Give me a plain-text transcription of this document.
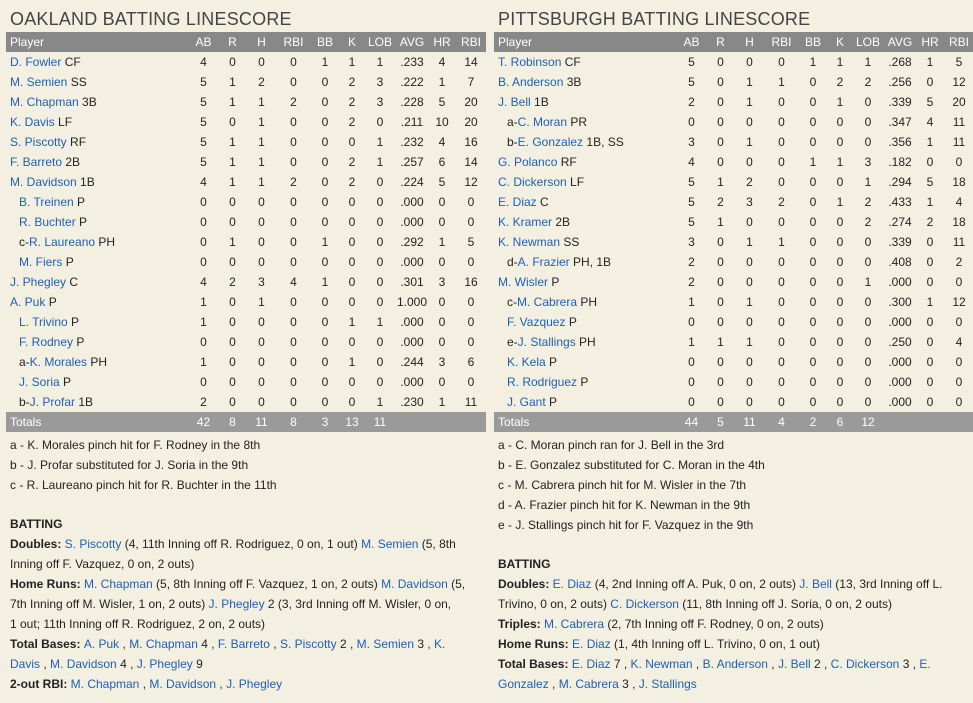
OAKLAND BATTING LINESCORE
Player	AB	R	H	RBI	BB	K	LOB	AVG	HR	RBI
D. Fowler CF	4	0	0	0	1	1	1	.233	4	14
M. Semien SS	5	1	2	0	0	2	3	.222	1	7
M. Chapman 3B	5	1	1	2	0	2	3	.228	5	20
K. Davis LF	5	0	1	0	0	2	0	.211	10	20
S. Piscotty RF	5	1	1	0	0	0	1	.232	4	16
F. Barreto 2B	5	1	1	0	0	2	1	.257	6	14
M. Davidson 1B	4	1	1	2	0	2	0	.224	5	12
B. Treinen P	0	0	0	0	0	0	0	.000	0	0
R. Buchter P	0	0	0	0	0	0	0	.000	0	0
c-R. Laureano PH	0	1	0	0	1	0	0	.292	1	5
M. Fiers P	0	0	0	0	0	0	0	.000	0	0
J. Phegley C	4	2	3	4	1	0	0	.301	3	16
A. Puk P	1	0	1	0	0	0	0	1.000	0	0
L. Trivino P	1	0	0	0	0	1	1	.000	0	0
F. Rodney P	0	0	0	0	0	0	0	.000	0	0
a-K. Morales PH	1	0	0	0	0	1	0	.244	3	6
J. Soria P	0	0	0	0	0	0	0	.000	0	0
b-J. Profar 1B	2	0	0	0	0	0	1	.230	1	11
Totals	42	8	11	8	3	13	11			
a - K. Morales pinch hit for F. Rodney in the 8th
b - J. Profar substituted for J. Soria in the 9th
c - R. Laureano pinch hit for R. Buchter in the 11th
BATTING
Doubles: S. Piscotty (4, 11th Inning off R. Rodriguez, 0 on, 1 out) M. Semien (5, 8th
Inning off F. Vazquez, 0 on, 2 outs)
Home Runs: M. Chapman (5, 8th Inning off F. Vazquez, 1 on, 2 outs) M. Davidson (5,
7th Inning off M. Wisler, 1 on, 2 outs) J. Phegley 2 (3, 3rd Inning off M. Wisler, 0 on,
1 out; 11th Inning off R. Rodriguez, 2 on, 2 outs)
Total Bases: A. Puk , M. Chapman 4 , F. Barreto , S. Piscotty 2 , M. Semien 3 , K.
Davis , M. Davidson 4 , J. Phegley 9
2-out RBI: M. Chapman , M. Davidson , J. Phegley
PITTSBURGH BATTING LINESCORE
Player	AB	R	H	RBI	BB	K	LOB	AVG	HR	RBI
T. Robinson CF	5	0	0	0	1	1	1	.268	1	5
B. Anderson 3B	5	0	1	1	0	2	2	.256	0	12
J. Bell 1B	2	0	1	0	0	1	0	.339	5	20
a-C. Moran PR	0	0	0	0	0	0	0	.347	4	11
b-E. Gonzalez 1B, SS	3	0	1	0	0	0	0	.356	1	11
G. Polanco RF	4	0	0	0	1	1	3	.182	0	0
C. Dickerson LF	5	1	2	0	0	0	1	.294	5	18
E. Diaz C	5	2	3	2	0	1	2	.433	1	4
K. Kramer 2B	5	1	0	0	0	0	2	.274	2	18
K. Newman SS	3	0	1	1	0	0	0	.339	0	11
d-A. Frazier PH, 1B	2	0	0	0	0	0	0	.408	0	2
M. Wisler P	2	0	0	0	0	0	1	.000	0	0
c-M. Cabrera PH	1	0	1	0	0	0	0	.300	1	12
F. Vazquez P	0	0	0	0	0	0	0	.000	0	0
e-J. Stallings PH	1	1	1	0	0	0	0	.250	0	4
K. Kela P	0	0	0	0	0	0	0	.000	0	0
R. Rodriguez P	0	0	0	0	0	0	0	.000	0	0
J. Gant P	0	0	0	0	0	0	0	.000	0	0
Totals	44	5	11	4	2	6	12			
a - C. Moran pinch ran for J. Bell in the 3rd
b - E. Gonzalez substituted for C. Moran in the 4th
c - M. Cabrera pinch hit for M. Wisler in the 7th
d - A. Frazier pinch hit for K. Newman in the 9th
e - J. Stallings pinch hit for F. Vazquez in the 9th
BATTING
Doubles: E. Diaz (4, 2nd Inning off A. Puk, 0 on, 2 outs) J. Bell (13, 3rd Inning off L.
Trivino, 0 on, 2 outs) C. Dickerson (11, 8th Inning off J. Soria, 0 on, 2 outs)
Triples: M. Cabrera (2, 7th Inning off F. Rodney, 0 on, 2 outs)
Home Runs: E. Diaz (1, 4th Inning off L. Trivino, 0 on, 1 out)
Total Bases: E. Diaz 7 , K. Newman , B. Anderson , J. Bell 2 , C. Dickerson 3 , E.
Gonzalez , M. Cabrera 3 , J. Stallings
